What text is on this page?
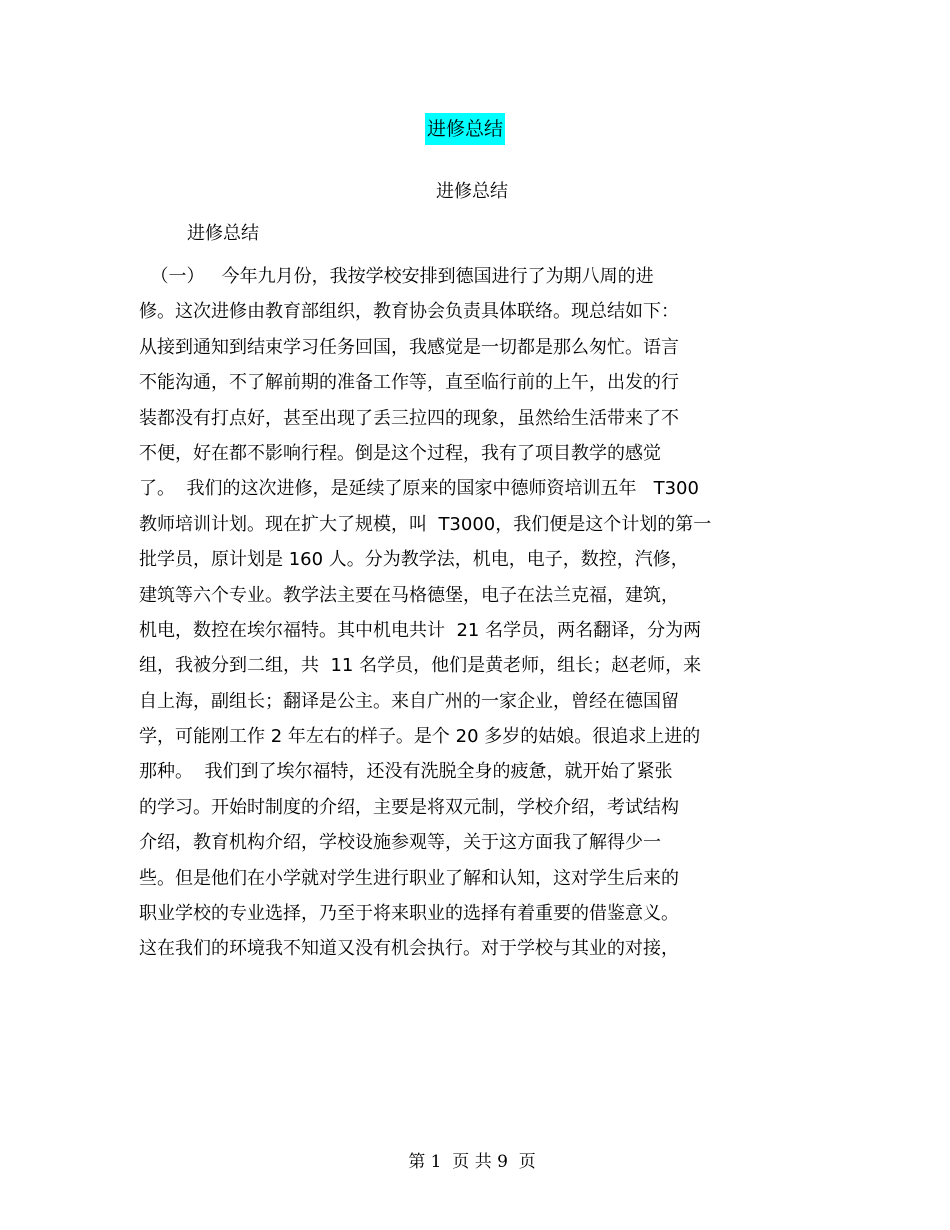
进修总结
进修总结
进修总结
（一）   今年九月份，我按学校安排到德国进行了为期八周的进
修。这次进修由教育部组织，教育协会负责具体联络。现总结如下：
从接到通知到结束学习任务回国，我感觉是一切都是那么匆忙。语言
不能沟通，不了解前期的准备工作等，直至临行前的上午，出发的行
装都没有打点好，甚至出现了丢三拉四的现象，虽然给生活带来了不
不便，好在都不影响行程。倒是这个过程，我有了项目教学的感觉
了。  我们的这次进修，是延续了原来的国家中德师资培训五年   T300
教师培训计划。现在扩大了规模，叫  T3000，我们便是这个计划的第一
批学员，原计划是 160 人。分为教学法，机电，电子，数控，汽修，
建筑等六个专业。教学法主要在马格德堡，电子在法兰克福，建筑，
机电，数控在埃尔福特。其中机电共计  21 名学员，两名翻译，分为两
组，我被分到二组，共  11 名学员，他们是黄老师，组长；赵老师，来
自上海，副组长；翻译是公主。来自广州的一家企业，曾经在德国留
学，可能刚工作 2 年左右的样子。是个 20 多岁的姑娘。很追求上进的
那种。  我们到了埃尔福特，还没有洗脱全身的疲惫，就开始了紧张
的学习。开始时制度的介绍，主要是将双元制，学校介绍，考试结构
介绍，教育机构介绍，学校设施参观等，关于这方面我了解得少一
些。但是他们在小学就对学生进行职业了解和认知，这对学生后来的
职业学校的专业选择，乃至于将来职业的选择有着重要的借鉴意义。
这在我们的环境我不知道又没有机会执行。对于学校与其业的对接，
第 1  页 共 9  页
